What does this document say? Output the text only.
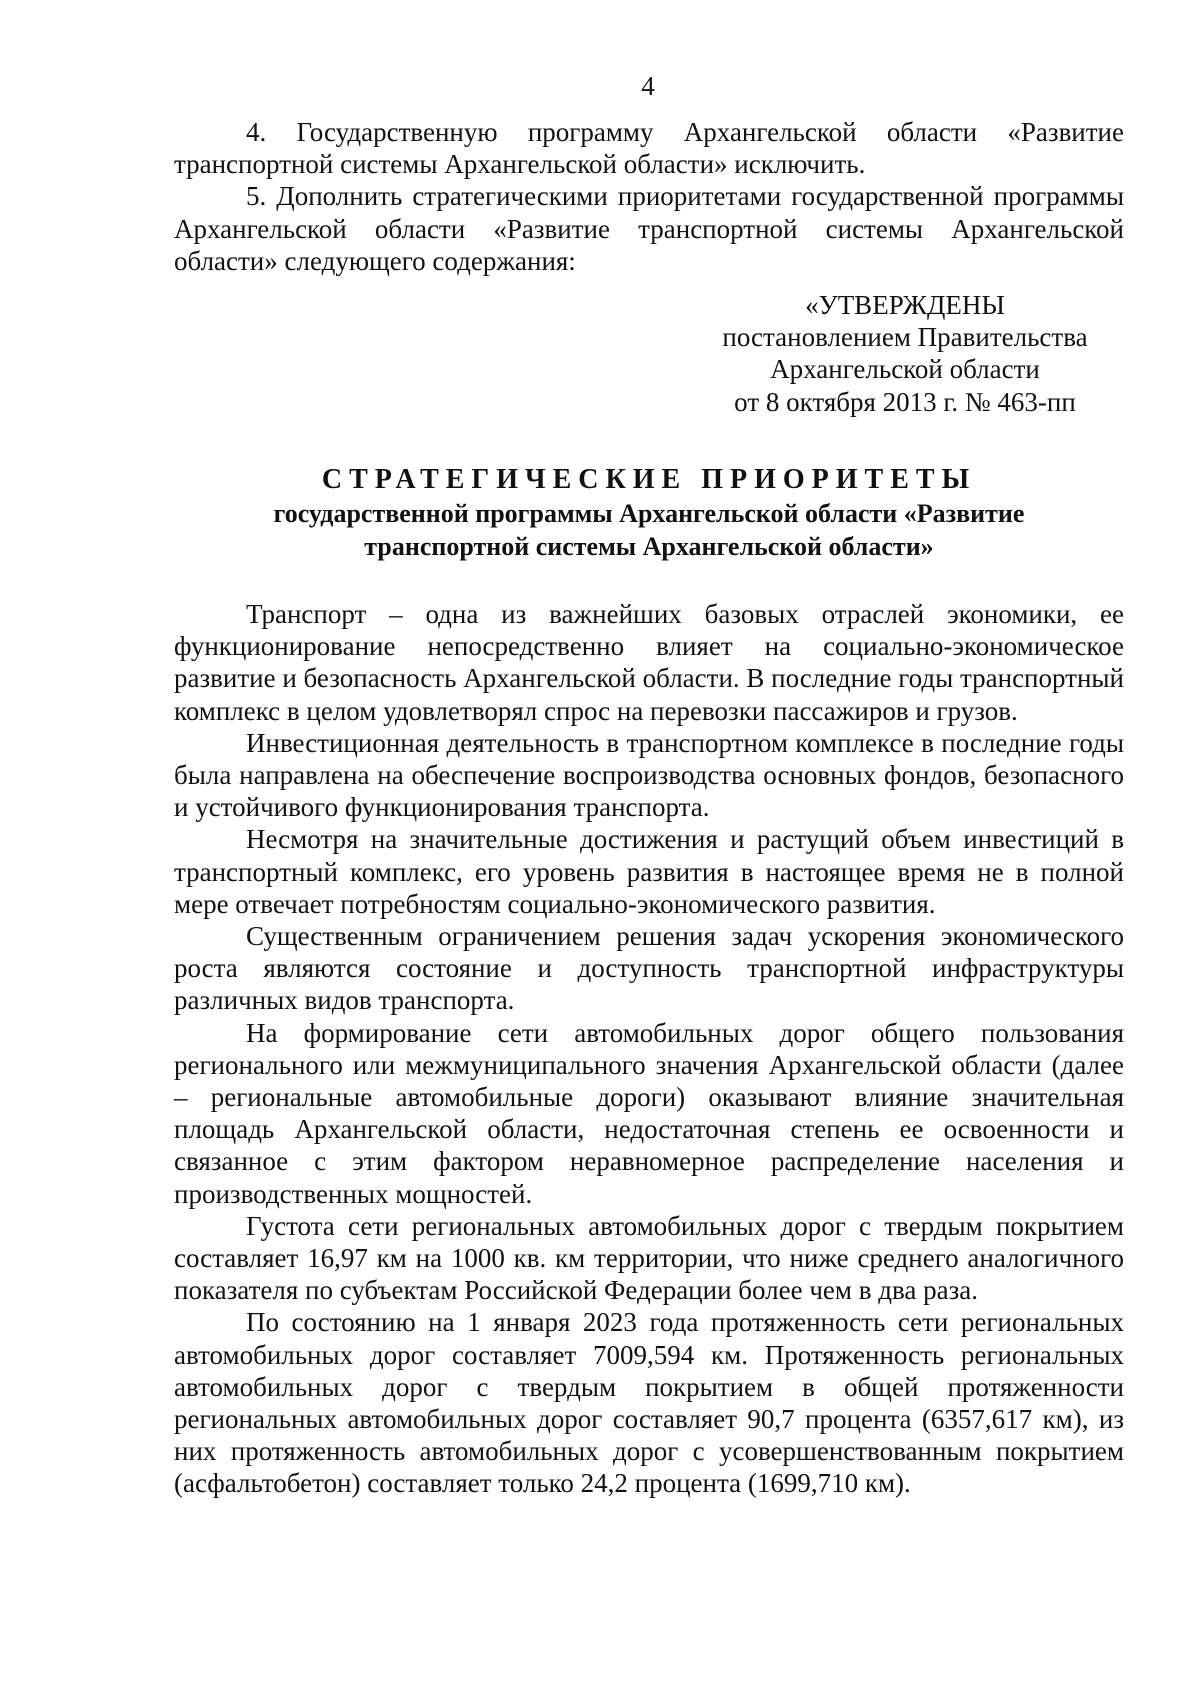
4

4. Государственную программу Архангельской области «Развитие транспортной системы Архангельской области» исключить.

5. Дополнить стратегическими приоритетами государственной программы Архангельской области «Развитие транспортной системы Архангельской области» следующего содержания:

«УТВЕРЖДЕНЫ
постановлением Правительства
Архангельской области
от 8 октября 2013 г. № 463-пп
СТРАТЕГИЧЕСКИЕ ПРИОРИТЕТЫ
государственной программы Архангельской области «Развитие
транспортной системы Архангельской области»

Транспорт – одна из важнейших базовых отраслей экономики, ее функционирование непосредственно влияет на социально-экономическое развитие и безопасность Архангельской области. В последние годы транспортный комплекс в целом удовлетворял спрос на перевозки пассажиров и грузов.

Инвестиционная деятельность в транспортном комплексе в последние годы была направлена на обеспечение воспроизводства основных фондов, безопасного и устойчивого функционирования транспорта.

Несмотря на значительные достижения и растущий объем инвестиций в транспортный комплекс, его уровень развития в настоящее время не в полной мере отвечает потребностям социально-экономического развития.

Существенным ограничением решения задач ускорения экономического роста являются состояние и доступность транспортной инфраструктуры различных видов транспорта.

На формирование сети автомобильных дорог общего пользования регионального или межмуниципального значения Архангельской области (далее – региональные автомобильные дороги) оказывают влияние значительная площадь Архангельской области, недостаточная степень ее освоенности и связанное с этим фактором неравномерное распределение населения и производственных мощностей.

Густота сети региональных автомобильных дорог с твердым покрытием составляет 16,97 км на 1000 кв. км территории, что ниже среднего аналогичного показателя по субъектам Российской Федерации более чем в два раза.

По состоянию на 1 января 2023 года протяженность сети региональных автомобильных дорог составляет 7009,594 км. Протяженность региональных автомобильных дорог с твердым покрытием в общей протяженности региональных автомобильных дорог составляет 90,7 процента (6357,617 км), из них протяженность автомобильных дорог с усовершенствованным покрытием (асфальтобетон) составляет только 24,2 процента (1699,710 км).
